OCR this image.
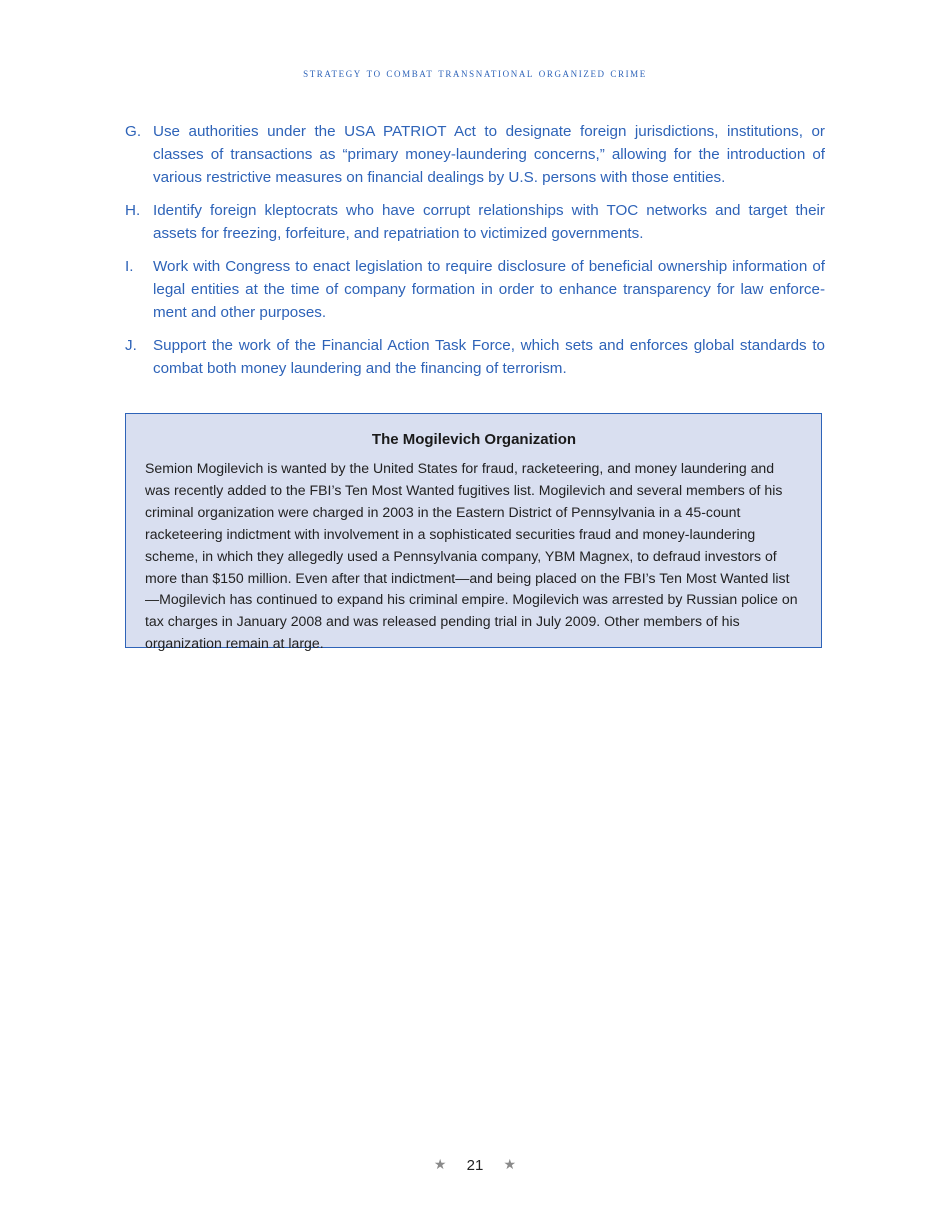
strategy to combat transnational organized crime
G. Use authorities under the USA PATRIOT Act to designate foreign jurisdictions, institutions, or classes of transactions as “primary money-laundering concerns,” allowing for the introduction of various restrictive measures on financial dealings by U.S. persons with those entities.
H. Identify foreign kleptocrats who have corrupt relationships with TOC networks and target their assets for freezing, forfeiture, and repatriation to victimized governments.
I.	Work with Congress to enact legislation to require disclosure of beneficial ownership information of legal entities at the time of company formation in order to enhance transparency for law enforcement and other purposes.
J.	Support the work of the Financial Action Task Force, which sets and enforces global standards to combat both money laundering and the financing of terrorism.
The Mogilevich Organization

Semion Mogilevich is wanted by the United States for fraud, racketeering, and money laundering and was recently added to the FBI’s Ten Most Wanted fugitives list. Mogilevich and several members of his criminal organization were charged in 2003 in the Eastern District of Pennsylvania in a 45-count racketeering indictment with involvement in a sophisticated securities fraud and money-laundering scheme, in which they allegedly used a Pennsylvania company, YBM Magnex, to defraud investors of more than $150 million. Even after that indictment—and being placed on the FBI’s Ten Most Wanted list—Mogilevich has continued to expand his criminal empire. Mogilevich was arrested by Russian police on tax charges in January 2008 and was released pending trial in July 2009. Other members of his organization remain at large.

★ 21 ★
